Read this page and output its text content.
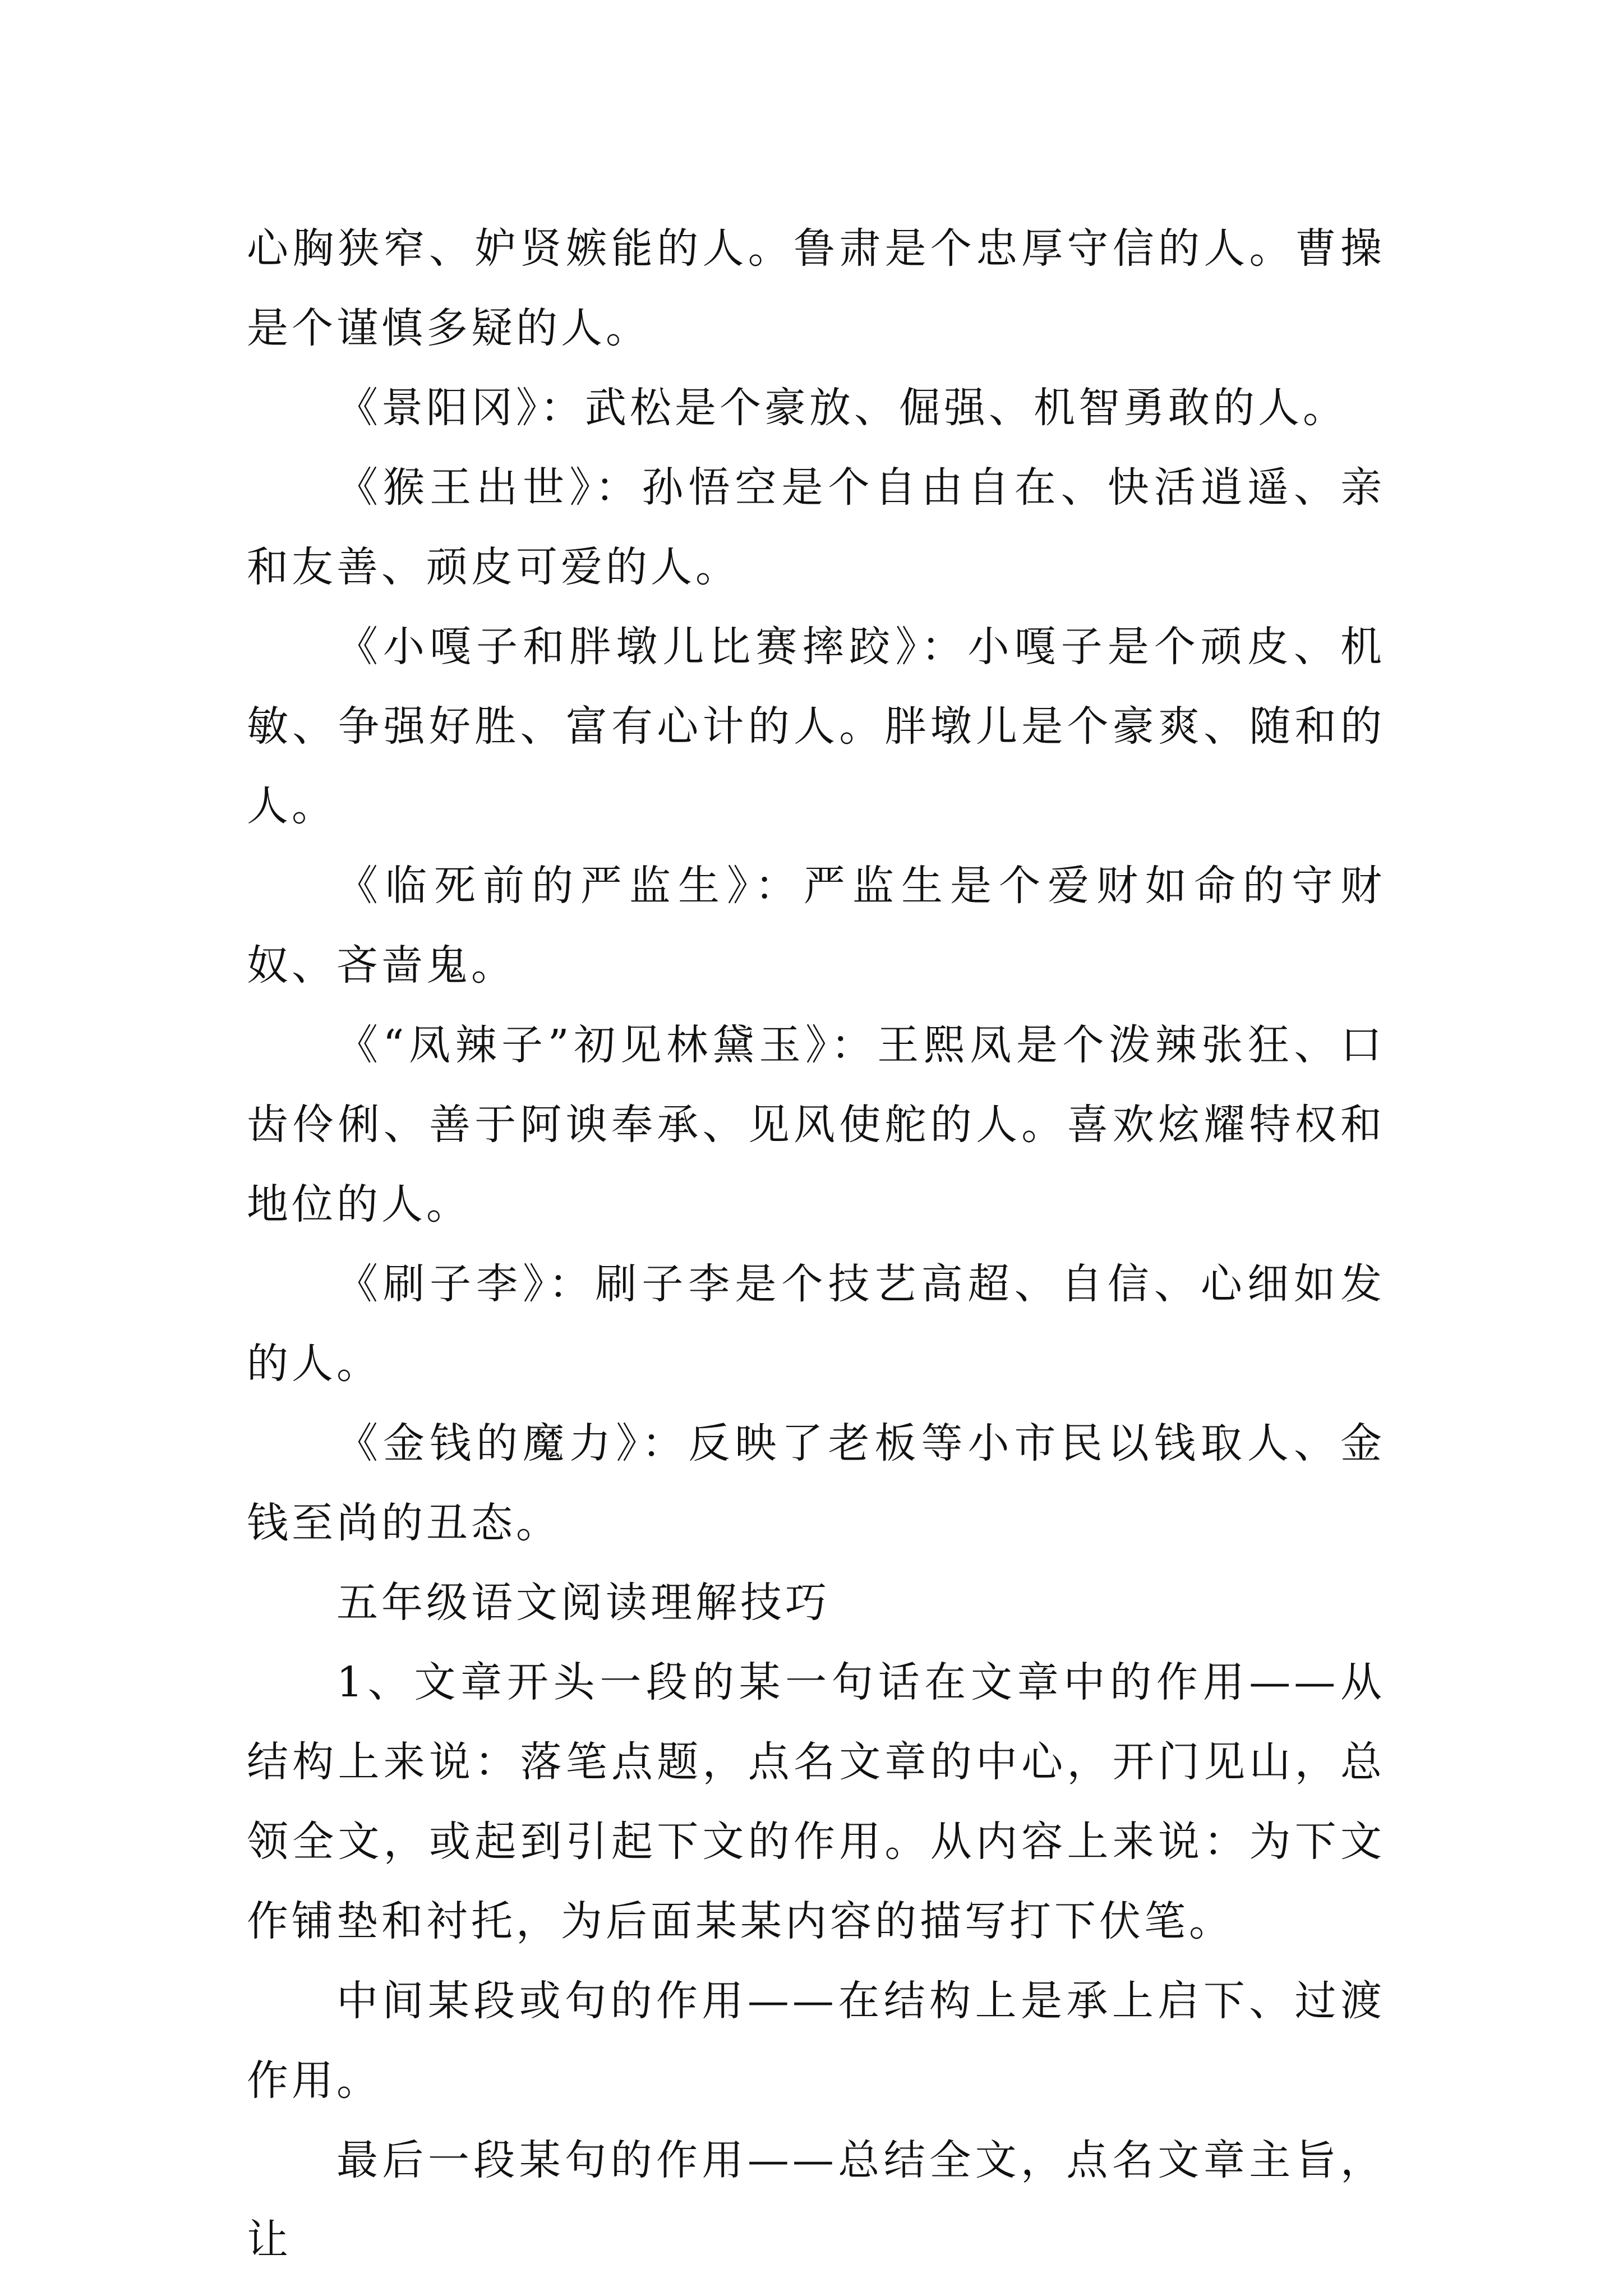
心胸狭窄、妒贤嫉能的人。鲁肃是个忠厚守信的人。曹操是个谨慎多疑的人。

《景阳冈》：武松是个豪放、倔强、机智勇敢的人。

《猴王出世》：孙悟空是个自由自在、快活逍遥、亲和友善、顽皮可爱的人。

《小嘎子和胖墩儿比赛摔跤》：小嘎子是个顽皮、机敏、争强好胜、富有心计的人。胖墩儿是个豪爽、随和的人。

《临死前的严监生》：严监生是个爱财如命的守财奴、吝啬鬼。

《“凤辣子”初见林黛玉》：王熙凤是个泼辣张狂、口齿伶俐、善于阿谀奉承、见风使舵的人。喜欢炫耀特权和地位的人。

《刷子李》：刷子李是个技艺高超、自信、心细如发的人。

《金钱的魔力》：反映了老板等小市民以钱取人、金钱至尚的丑态。

五年级语文阅读理解技巧

1、文章开头一段的某一句话在文章中的作用——从结构上来说：落笔点题，点名文章的中心，开门见山，总领全文，或起到引起下文的作用。从内容上来说：为下文作铺垫和衬托，为后面某某内容的描写打下伏笔。

中间某段或句的作用——在结构上是承上启下、过渡作用。

最后一段某句的作用——总结全文，点名文章主旨，让
